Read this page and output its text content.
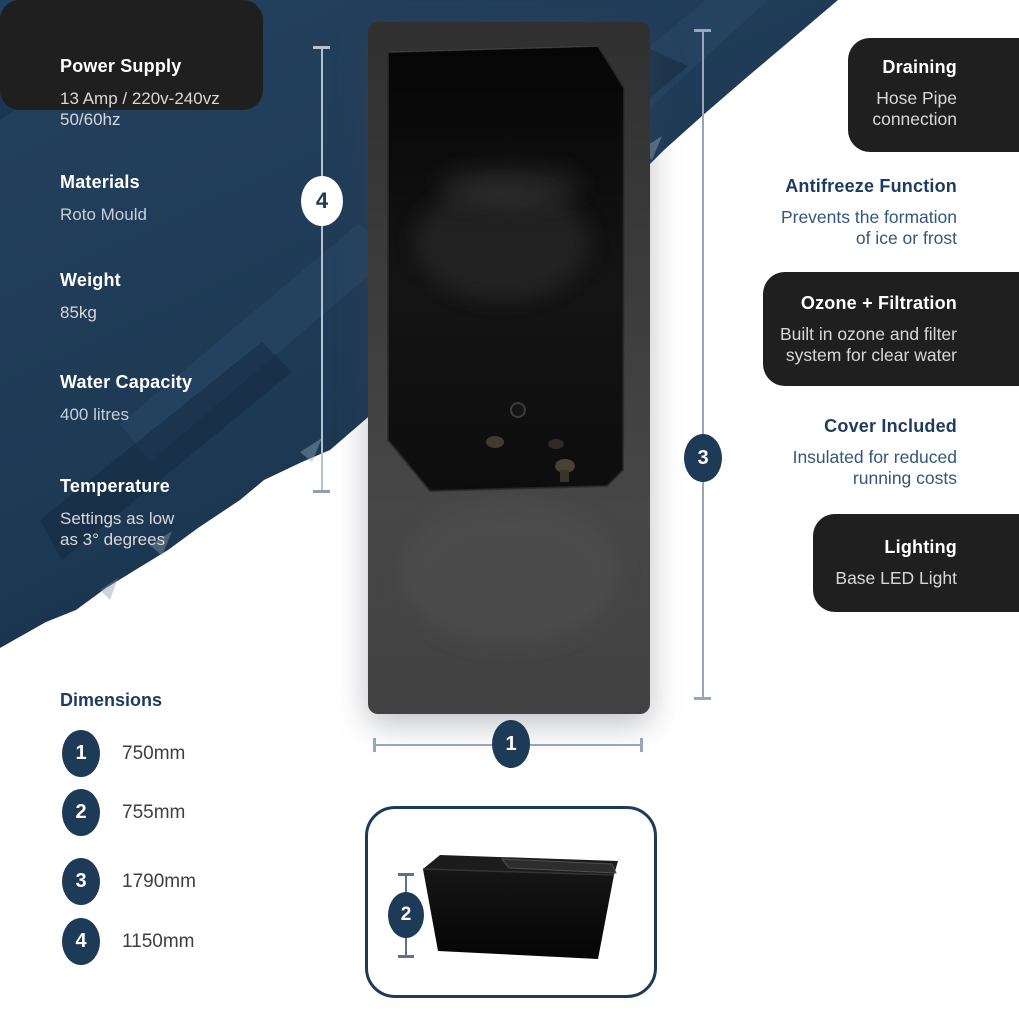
Power Supply
13 Amp / 220v-240vz
50/60hz
Materials
Roto Mould
Weight
85kg
Water Capacity
400 litres
Temperature
Settings as low
as 3° degrees
Draining
Hose Pipe
connection
Antifreeze Function
Prevents the formation
of ice or frost
Ozone + Filtration
Built in ozone and filter
system for clear water
Cover Included
Insulated for reduced
running costs
Lighting
Base LED Light
4
3
1
Dimensions
1 750mm
2 755mm
3 1790mm
4 1150mm
2
